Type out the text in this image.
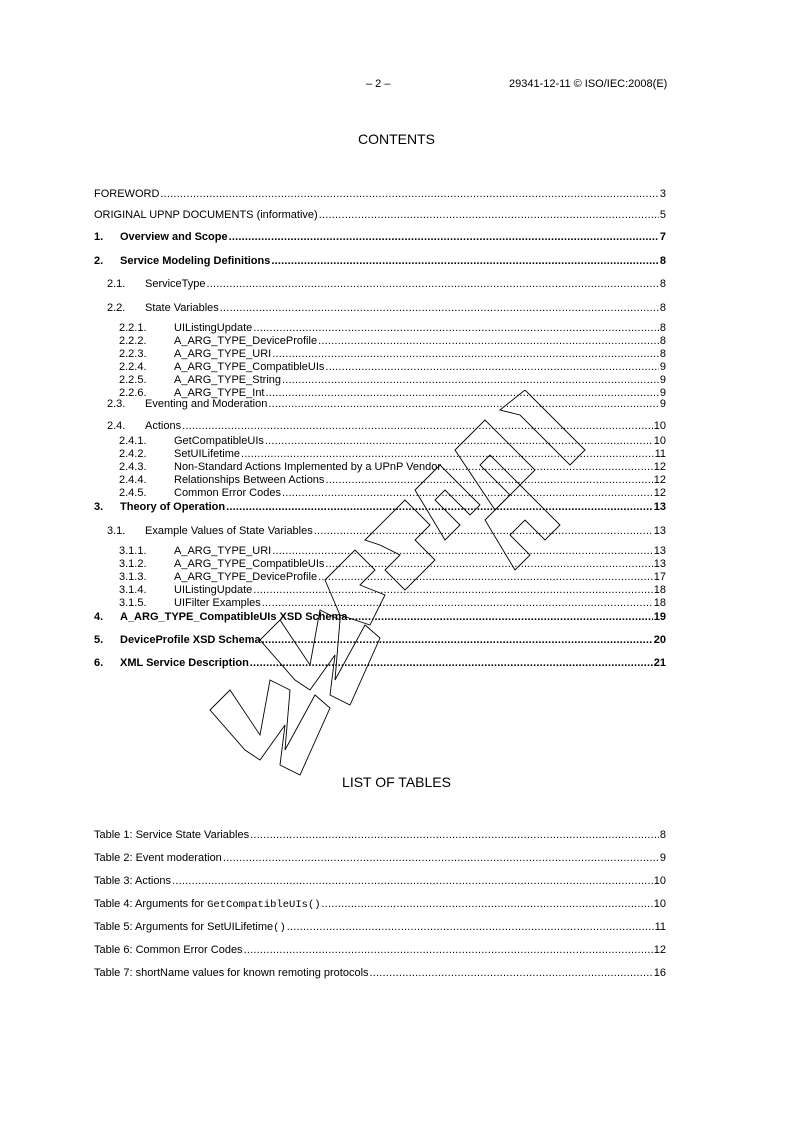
– 2 –	29341-12-11 © ISO/IEC:2008(E)
CONTENTS
FOREWORD .....	3
ORIGINAL UPNP DOCUMENTS (informative) .....	5
1.	Overview and Scope .....	7
2.	Service Modeling Definitions .....	8
2.1.	ServiceType .....	8
2.2.	State Variables .....	8
2.2.1.	UIListingUpdate .....	8
2.2.2.	A_ARG_TYPE_DeviceProfile .....	8
2.2.3.	A_ARG_TYPE_URI .....	8
2.2.4.	A_ARG_TYPE_CompatibleUIs .....	9
2.2.5.	A_ARG_TYPE_String .....	9
2.2.6.	A_ARG_TYPE_Int .....	9
2.3.	Eventing and Moderation .....	9
2.4.	Actions .....	10
2.4.1.	GetCompatibleUIs .....	10
2.4.2.	SetUILifetime .....	11
2.4.3.	Non-Standard Actions Implemented by a UPnP Vendor .....	12
2.4.4.	Relationships Between Actions .....	12
2.4.5.	Common Error Codes .....	12
3.	Theory of Operation .....	13
3.1.	Example Values of State Variables .....	13
3.1.1.	A_ARG_TYPE_URI .....	13
3.1.2.	A_ARG_TYPE_CompatibleUIs .....	13
3.1.3.	A_ARG_TYPE_DeviceProfile .....	17
3.1.4.	UIListingUpdate .....	18
3.1.5.	UIFilter Examples .....	18
4.	A_ARG_TYPE_CompatibleUIs XSD Schema .....	19
5.	DeviceProfile XSD Schema .....	20
6.	XML Service Description .....	21
LIST OF TABLES
Table 1: Service State Variables .....	8
Table 2: Event moderation .....	9
Table 3: Actions .....	10
Table 4: Arguments for GetCompatibleUIs() .....	10
Table 5: Arguments for SetUILifetime() .....	11
Table 6: Common Error Codes .....	12
Table 7: shortName values for known remoting protocols .....	16
